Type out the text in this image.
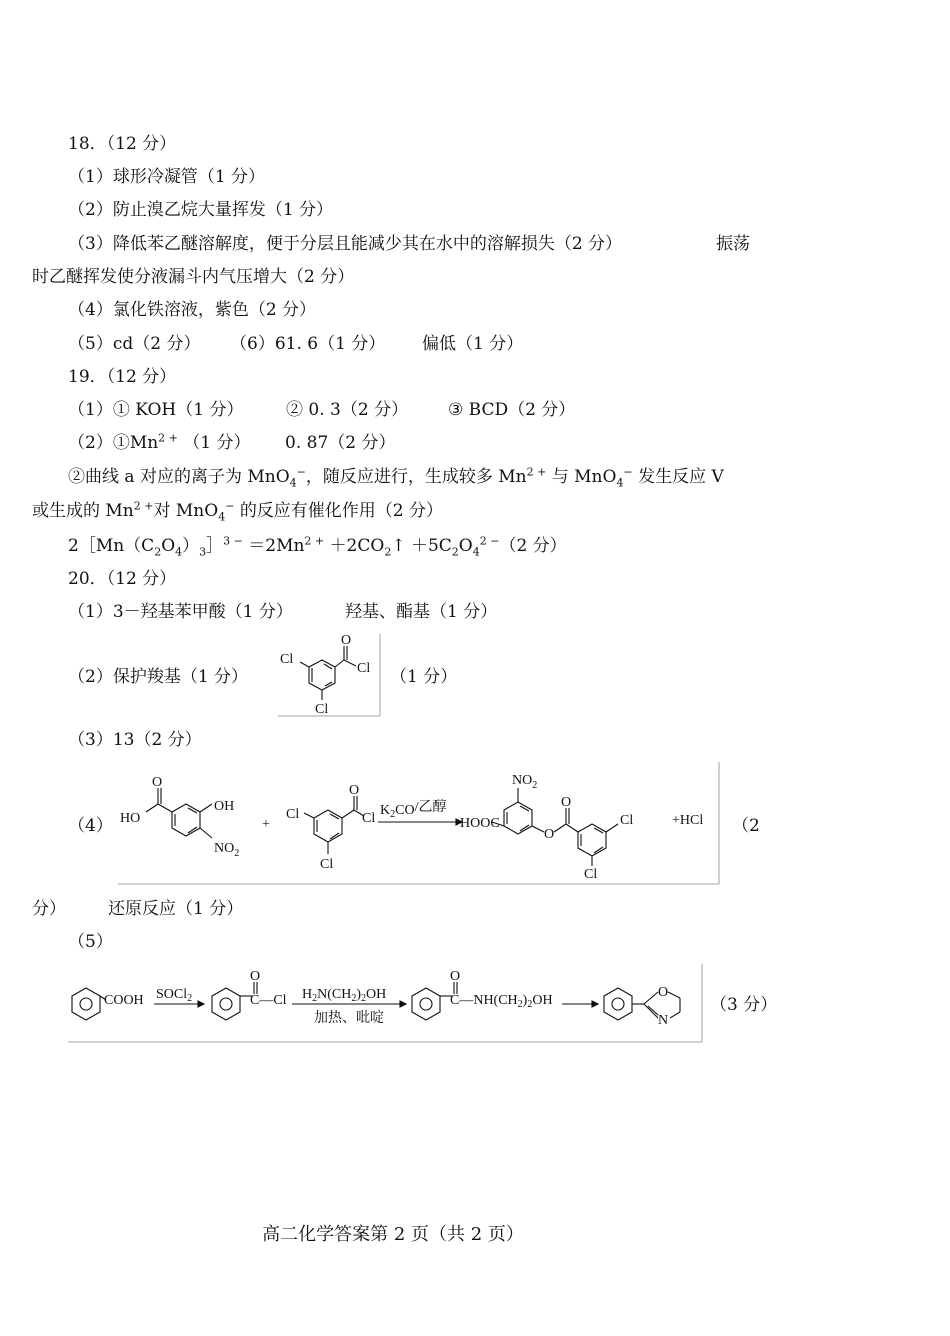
18．（12 分）
（1）球形冷凝管（1 分）
（2）防止溴乙烷大量挥发（1 分）
（3）降低苯乙醚溶解度，便于分层且能减少其在水中的溶解损失（2 分）	振荡
时乙醚挥发使分液漏斗内气压增大（2 分）
（4）氯化铁溶液，紫色（2 分）
（5）cd（2 分） （6）61. 6（1 分） 偏低（1 分）
19．（12 分）
（1）① KOH（1 分）	② 0. 3（2 分） ③ BCD（2 分）
$(2)①Mn^{2 +}$ （1 分） 0. 87（2 分）
②曲线 a 对应的离子为 MnO$_4$−，随反应进行，生成较多 $Mn^{2 +}$ 与 MnO$_4$− 发生反应 V
或生成的 $Mn^{2 +}$对 MnO$_4$− 的反应有催化作用（2 分）
$2[Mn(C_2O_4)_3]^{3 -} =2Mn^{2 +}$ $+2CO_2↑ +5C_2O_4^{2 -}(2$ 分）
20．（12 分）
（1）3－羟基苯甲酸（1 分）	羟基、酯基（1 分）
（2）保护羧基（1 分）
Cl
O
Cl
Cl
（1 分）
（3）13（2 分）
（4）
O
HO
OH
$NO_2$
+
Cl
O
Cl
Cl
$K_2CO/$乙醇
HOOC
$NO_2$
O
O
Cl
Cl
+HCl （2
分） 还原反应（1 分）
（5）
COOH SOCl$_2$
O
C—Cl $H_2N(CH_2)_2OH$
加热、吡啶
O
$C—NH(CH_2)_2OH$
O
N
（3 分）
高二化学答案第 2 页（共 2 页）
